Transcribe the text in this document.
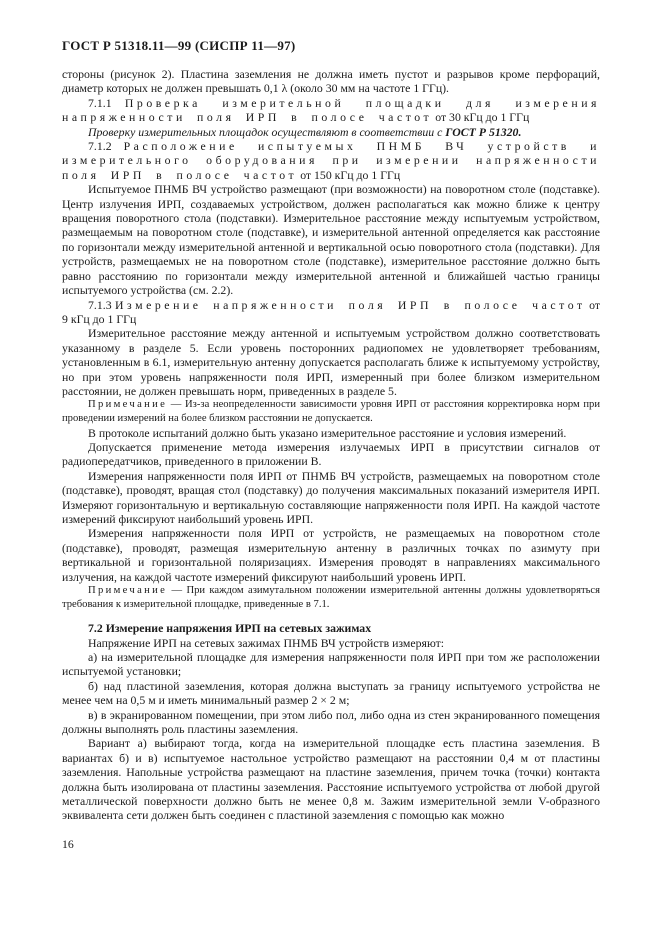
ГОСТ Р 51318.11—99 (СИСПР 11—97)

стороны (рисунок 2). Пластина заземления не должна иметь пустот и разрывов кроме перфораций, диаметр которых не должен превышать 0,1 λ (около 30 мм на частоте 1 ГГц).

7.1.1 Проверка измерительной площадки для измерения напряженности поля ИРП в полосе частот от 30 кГц до 1 ГГц

Проверку измерительных площадок осуществляют в соответствии с ГОСТ Р 51320.

7.1.2 Расположение испытуемых ПНМБ ВЧ устройств и измерительного оборудования при измерении напряженности поля ИРП в полосе частот от 150 кГц до 1 ГГц

Испытуемое ПНМБ ВЧ устройство размещают (при возможности) на поворотном столе (подставке). Центр излучения ИРП, создаваемых устройством, должен располагаться как можно ближе к центру вращения поворотного стола (подставки). Измерительное расстояние между испытуемым устройством, размещаемым на поворотном столе (подставке), и измерительной антенной определяется как расстояние по горизонтали между измерительной антенной и вертикальной осью поворотного стола (подставки). Для устройств, размещаемых не на поворотном столе (подставке), измерительное расстояние должно быть равно расстоянию по горизонтали между измерительной антенной и ближайшей частью границы испытуемого устройства (см. 2.2).

7.1.3 Измерение напряженности поля ИРП в полосе частот от 9 кГц до 1 ГГц

Измерительное расстояние между антенной и испытуемым устройством должно соответствовать указанному в разделе 5. Если уровень посторонних радиопомех не удовлетворяет требованиям, установленным в 6.1, измерительную антенну допускается располагать ближе к испытуемому устройству, но при этом уровень напряженности поля ИРП, измеренный при более близком измерительном расстоянии, не должен превышать норм, приведенных в разделе 5.

Примечание — Из-за неопределенности зависимости уровня ИРП от расстояния корректировка норм при проведении измерений на более близком расстоянии не допускается.

В протоколе испытаний должно быть указано измерительное расстояние и условия измерений.

Допускается применение метода измерения излучаемых ИРП в присутствии сигналов от радиопередатчиков, приведенного в приложении В.

Измерения напряженности поля ИРП от ПНМБ ВЧ устройств, размещаемых на поворотном столе (подставке), проводят, вращая стол (подставку) до получения максимальных показаний измерителя ИРП. Измеряют горизонтальную и вертикальную составляющие напряженности поля ИРП. На каждой частоте измерений фиксируют наибольший уровень ИРП.

Измерения напряженности поля ИРП от устройств, не размещаемых на поворотном столе (подставке), проводят, размещая измерительную антенну в различных точках по азимуту при вертикальной и горизонтальной поляризациях. Измерения проводят в направлениях максимального излучения, на каждой частоте измерений фиксируют наибольший уровень ИРП.

Примечание — При каждом азимутальном положении измерительной антенны должны удовлетворяться требования к измерительной площадке, приведенные в 7.1.

7.2 Измерение напряжения ИРП на сетевых зажимах

Напряжение ИРП на сетевых зажимах ПНМБ ВЧ устройств измеряют:

а) на измерительной площадке для измерения напряженности поля ИРП при том же расположении испытуемой установки;

б) над пластиной заземления, которая должна выступать за границу испытуемого устройства не менее чем на 0,5 м и иметь минимальный размер 2 × 2 м;

в) в экранированном помещении, при этом либо пол, либо одна из стен экранированного помещения должны выполнять роль пластины заземления.

Вариант а) выбирают тогда, когда на измерительной площадке есть пластина заземления. В вариантах б) и в) испытуемое настольное устройство размещают на расстоянии 0,4 м от пластины заземления. Напольные устройства размещают на пластине заземления, причем точка (точки) контакта должна быть изолирована от пластины заземления. Расстояние испытуемого устройства от любой другой металлической поверхности должно быть не менее 0,8 м. Зажим измерительной земли V-образного эквивалента сети должен быть соединен с пластиной заземления с помощью как можно

16
